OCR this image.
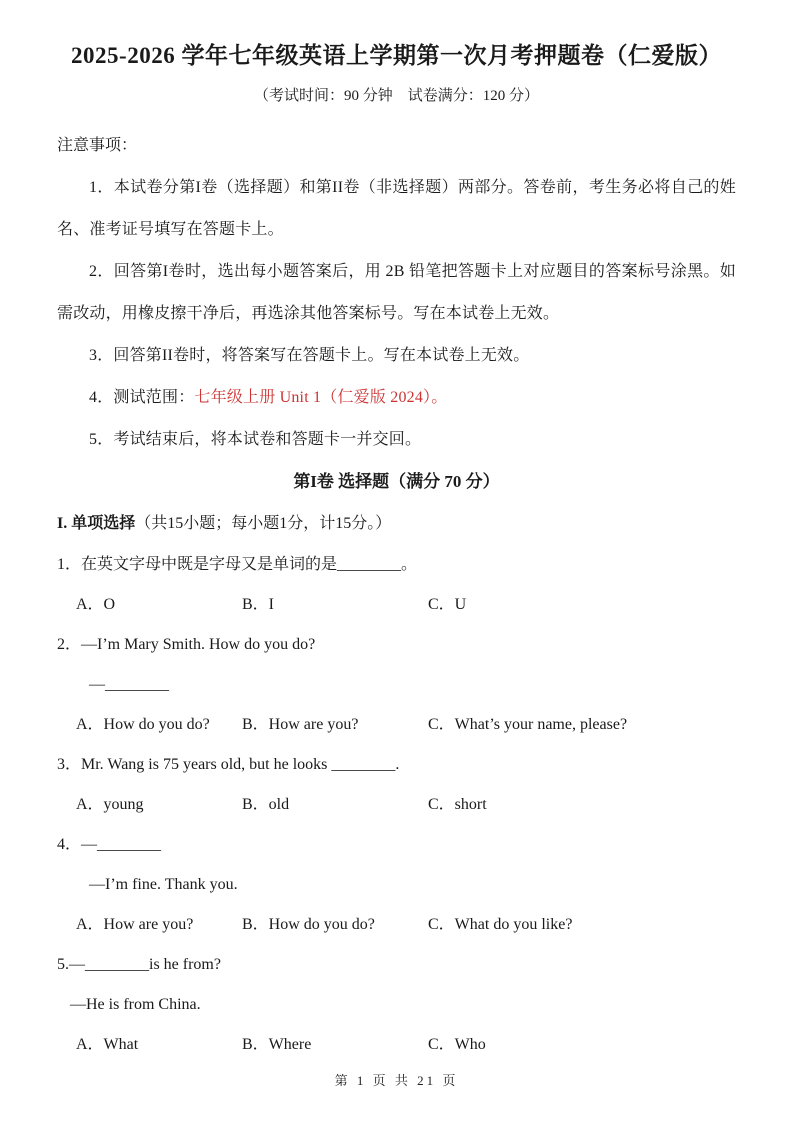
2025-2026 学年七年级英语上学期第一次月考押题卷（仁爱版）
（考试时间：90 分钟　试卷满分：120 分）
注意事项：

1．本试卷分第I卷（选择题）和第II卷（非选择题）两部分。答卷前，考生务必将自己的姓名、准考证号填写在答题卡上。

2．回答第I卷时，选出每小题答案后，用 2B 铅笔把答题卡上对应题目的答案标号涂黑。如需改动，用橡皮擦干净后，再选涂其他答案标号。写在本试卷上无效。

3．回答第II卷时，将答案写在答题卡上。写在本试卷上无效。

4．测试范围：七年级上册 Unit 1（仁爱版 2024）。

5．考试结束后，将本试卷和答题卡一并交回。

第I卷 选择题（满分 70 分）
I. 单项选择（共15小题；每小题1分，计15分。）

1．在英文字母中既是字母又是单词的是________。

A．O	B．I	C．U

2．—I’m Mary Smith. How do you do?

—________

A．How do you do?	B．How are you?	C．What’s your name, please?

3．Mr. Wang is 75 years old, but he looks ________.

A．young	B．old	C．short

4．—________

—I’m fine. Thank you.

A．How are you?	B．How do you do?	C．What do you like?

5.—________is he from?

—He is from China.

A．What	B．Where	C．Who
第 1 页 共 21 页
